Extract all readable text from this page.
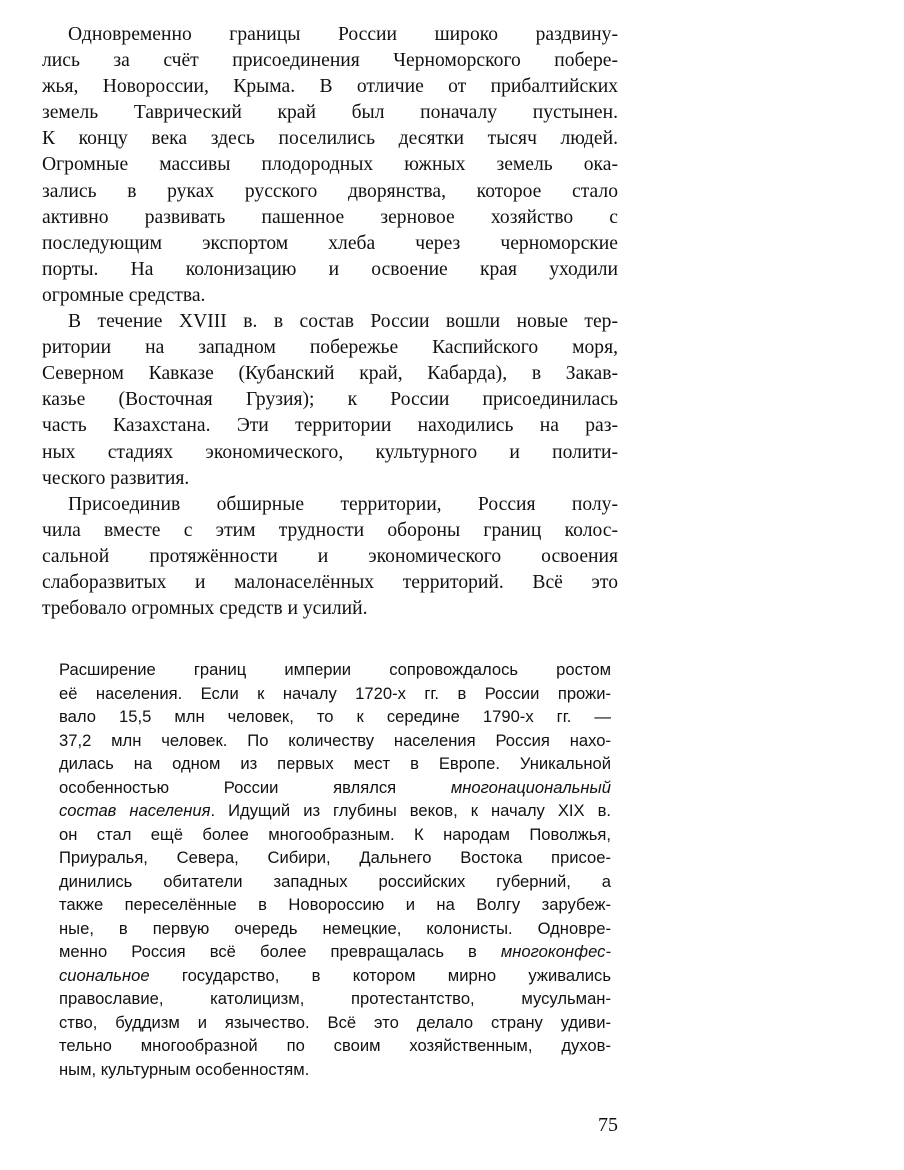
Одновременно границы России широко раздвину-
лись за счёт присоединения Черноморского побере-
жья, Новороссии, Крыма. В отличие от прибалтийских
земель Таврический край был поначалу пустынен.
К концу века здесь поселились десятки тысяч людей.
Огромные массивы плодородных южных земель ока-
зались в руках русского дворянства, которое стало
активно развивать пашенное зерновое хозяйство с
последующим экспортом хлеба через черноморские
порты. На колонизацию и освоение края уходили
огромные средства.
В течение XVIII в. в состав России вошли новые тер-
ритории на западном побережье Каспийского моря,
Северном Кавказе (Кубанский край, Кабарда), в Закав-
казье (Восточная Грузия); к России присоединилась
часть Казахстана. Эти территории находились на раз-
ных стадиях экономического, культурного и полити-
ческого развития.
Присоединив обширные территории, Россия полу-
чила вместе с этим трудности обороны границ колос-
сальной протяжённости и экономического освоения
слаборазвитых и малонаселённых территорий. Всё это
требовало огромных средств и усилий.
Расширение границ империи сопровождалось ростом
её населения. Если к началу 1720-х гг. в России прожи-
вало 15,5 млн человек, то к середине 1790-х гг. —
37,2 млн человек. По количеству населения Россия нахо-
дилась на одном из первых мест в Европе. Уникальной
особенностью России являлся	многонациональный
состав населения. Идущий из глубины веков, к началу XIX в.
он стал ещё более многообразным. К народам Поволжья,
Приуралья, Севера, Сибири, Дальнего Востока присое-
динились обитатели западных российских губерний, а
также переселённые в Новороссию и на Волгу зарубеж-
ные, в первую очередь немецкие, колонисты. Одновре-
менно Россия всё более превращалась в многоконфес-
сиональное государство, в котором мирно уживались
православие, католицизм, протестантство, мусульман-
ство, буддизм и язычество. Всё это делало страну удиви-
тельно многообразной по своим хозяйственным, духов-
ным, культурным особенностям.
75
